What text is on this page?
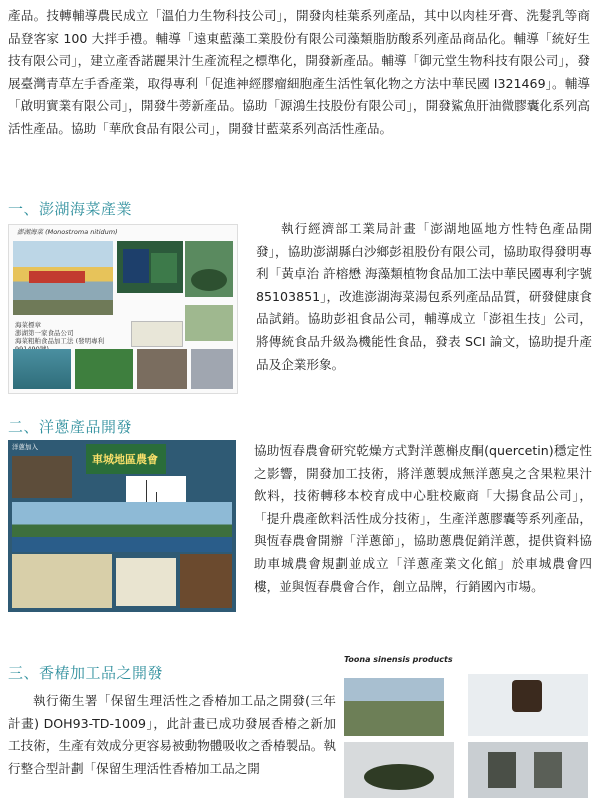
產品。技轉輔導農民成立「溫伯力生物科技公司」，開發肉桂葉系列產品，其中以肉桂牙膏、洗髮乳等商品登客家 100 大拌手禮。輔導「遠東藍藻工業股份有限公司藻類脂肪酸系列產品商品化。輔導「統好生技有限公司」，建立產香諾麗果汁生產流程之標準化，開發新產品。輔導「御元堂生物科技有限公司」，發展臺灣青草左手香產業，取得專利「促進神經膠瘤細胞產生活性氧化物之方法中華民國 I321469」。輔導「啟明實業有限公司」，開發牛蒡新產品。協助「源鴻生技股份有限公司」，開發鯊魚肝油微膠囊化系列高活性產品。協助「華欣食品有限公司」，開發甘藍菜系列高活性產品。
一、澎湖海菜產業
澎湖海菜 (Monostroma nitidum)
海菜標章
澎湖第一家食品公司
海菜粗粕食品加工法 (發明專利
執行經濟部工業局計畫「澎湖地區地方性特色產品開發」，協助澎湖縣白沙鄉彭祖股份有限公司，協助取得發明專利「黃卓治 許榕懋 海藻類植物食品加工法中華民國專利字號 85103851」，改進澎湖海菜湯包系列產品品質，研發健康食品試銷。協助彭祖食品公司，輔導成立「澎祖生技」公司，將傳統食品升級為機能性食品，發表 SCI 論文，協助提升產品及企業形象。
二、洋蔥產品開發
洋蔥加入
車城地區農會
協助恆春農會研究乾燥方式對洋蔥槲皮酮(quercetin)穩定性之影響，開發加工技術，將洋蔥製成無洋蔥臭之含果粒果汁飲料，技術轉移本校育成中心駐校廠商「大揚食品公司」，「提升農產飲料活性成分技術」，生產洋蔥膠囊等系列產品，與恆春農會開辦「洋蔥節」，協助蔥農促銷洋蔥，提供資料協助車城農會規劃並成立「洋蔥產業文化館」於車城農會四樓，並與恆春農會合作，創立品牌，行銷國內市場。
三、香椿加工品之開發
執行衛生署「保留生理活性之香椿加工品之開發(三年計畫) DOH93-TD-1009」，此計畫已成功發展香椿之新加工技術，生產有效成分更容易被動物體吸收之香椿製品。執行整合型計劃「保留生理活性香椿加工品之開
Toona sinensis products
